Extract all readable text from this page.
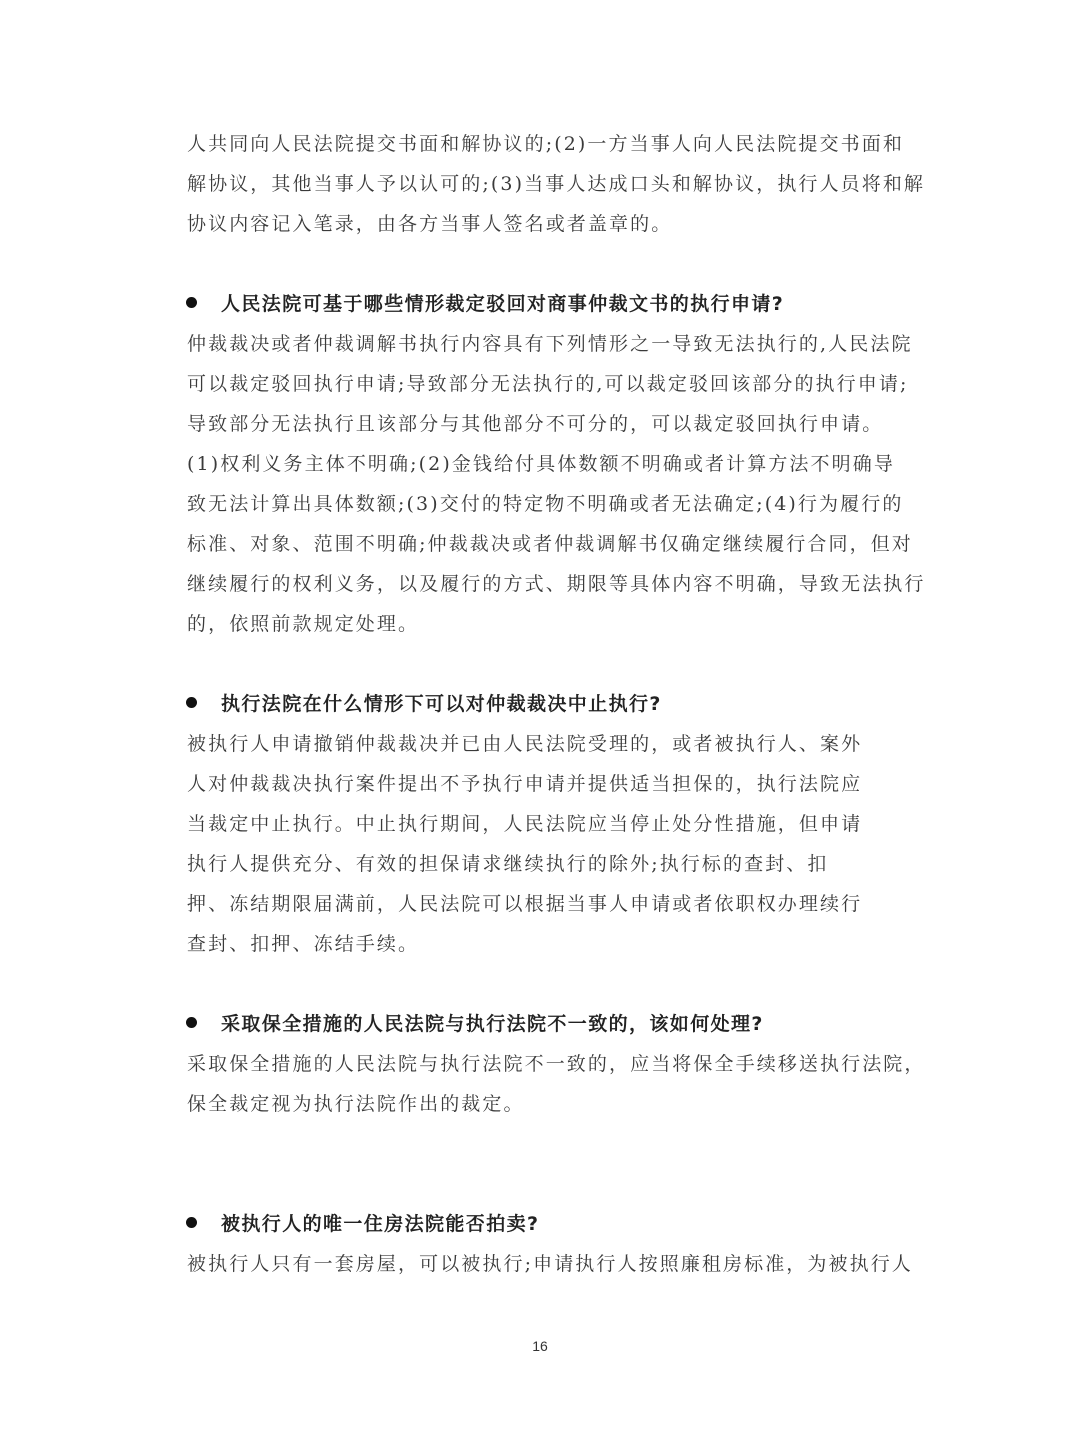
人共同向人民法院提交书面和解协议的;(2)一方当事人向人民法院提交书面和
解协议，其他当事人予以认可的;(3)当事人达成口头和解协议，执行人员将和解
协议内容记入笔录，由各方当事人签名或者盖章的。
人民法院可基于哪些情形裁定驳回对商事仲裁文书的执行申请?
仲裁裁决或者仲裁调解书执行内容具有下列情形之一导致无法执行的,人民法院
可以裁定驳回执行申请;导致部分无法执行的,可以裁定驳回该部分的执行申请;
导致部分无法执行且该部分与其他部分不可分的，可以裁定驳回执行申请。
(1)权利义务主体不明确;(2)金钱给付具体数额不明确或者计算方法不明确导
致无法计算出具体数额;(3)交付的特定物不明确或者无法确定;(4)行为履行的
标准、对象、范围不明确;仲裁裁决或者仲裁调解书仅确定继续履行合同，但对
继续履行的权利义务，以及履行的方式、期限等具体内容不明确，导致无法执行
的，依照前款规定处理。
执行法院在什么情形下可以对仲裁裁决中止执行?
被执行人申请撤销仲裁裁决并已由人民法院受理的，或者被执行人、案外
人对仲裁裁决执行案件提出不予执行申请并提供适当担保的，执行法院应
当裁定中止执行。中止执行期间，人民法院应当停止处分性措施，但申请
执行人提供充分、有效的担保请求继续执行的除外;执行标的查封、扣
押、冻结期限届满前，人民法院可以根据当事人申请或者依职权办理续行
查封、扣押、冻结手续。
采取保全措施的人民法院与执行法院不一致的，该如何处理?
采取保全措施的人民法院与执行法院不一致的，应当将保全手续移送执行法院，
保全裁定视为执行法院作出的裁定。
被执行人的唯一住房法院能否拍卖?
被执行人只有一套房屋，可以被执行;申请执行人按照廉租房标准，为被执行人
16
